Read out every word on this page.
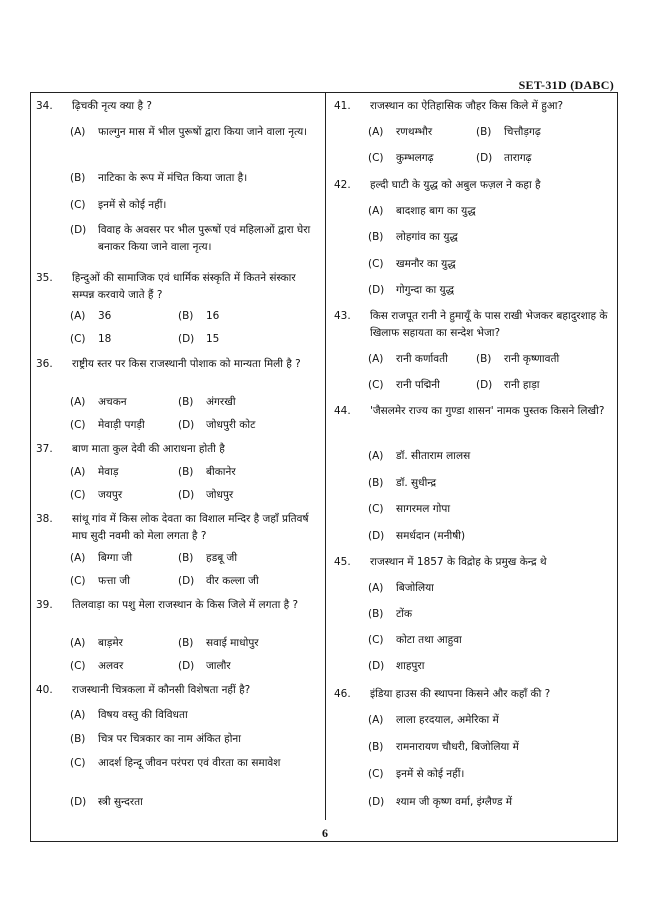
SET-31D (DABC)
34.	ढ़िचकी नृत्य क्या है ?
(A)	फाल्गुन मास में भील पुरूषों द्वारा किया जाने वाला नृत्य।
(B)	नाटिका के रूप में मंचित किया जाता है।
(C)	इनमें से कोई नहीं।
(D)	विवाह के अवसर पर भील पुरूषों एवं महिलाओं द्वारा घेरा बनाकर किया जाने वाला नृत्य।
35.	हिन्दुओं की सामाजिक एवं धार्मिक संस्कृति में कितने संस्कार सम्पन्न करवाये जाते हैं ?
(A)	36	(B)	16
(C)	18	(D)	15
36.	राष्ट्रीय स्तर पर किस राजस्थानी पोशाक को मान्यता मिली है ?
(A)	अचकन	(B)	अंगरखी
(C)	मेवाड़ी पगड़ी	(D)	जोधपुरी कोट
37.	बाण माता कुल देवी की आराधना होती है
(A)	मेवाड़	(B)	बीकानेर
(C)	जयपुर	(D)	जोधपुर
38.	सांथू गांव में किस लोक देवता का विशाल मन्दिर है जहाँ प्रतिवर्ष माघ सुदी नवमी को मेला लगता है ?
(A)	बिग्गा जी	(B)	हडबू जी
(C)	फत्ता जी	(D)	वीर कल्ला जी
39.	तिलवाड़ा का पशु मेला राजस्थान के किस जिले में लगता है ?
(A)	बाड़मेर	(B)	सवाई माधोपुर
(C)	अलवर	(D)	जालौर
40.	राजस्थानी चित्रकला में कौनसी विशेषता नहीं है?
(A)	विषय वस्तु की विविधता
(B)	चित्र पर चित्रकार का नाम अंकित होना
(C)	आदर्श हिन्दू जीवन परंपरा एवं वीरता का समावेश
(D)	स्त्री सुन्दरता
41.	राजस्थान का ऐतिहासिक जौहर किस किले में हुआ?
(A)	रणथम्भौर	(B)	चित्तौड़गढ़
(C)	कुम्भलगढ़	(D)	तारागढ़
42.	हल्दी घाटी के युद्ध को अबुल फज़ल ने कहा है
(A)	बादशाह बाग का युद्ध
(B)	लोहगांव का युद्ध
(C)	खमनौर का युद्ध
(D)	गोगुन्दा का युद्ध
43.	किस राजपूत रानी ने हुमायूँ के पास राखी भेजकर बहादुरशाह के खिलाफ सहायता का सन्देश भेजा?
(A)	रानी कर्णावती	(B)	रानी कृष्णावती
(C)	रानी पद्मिनी	(D)	रानी हाड़ा
44.	'जैसलमेर राज्य का गुण्डा शासन' नामक पुस्तक किसने लिखी?
(A)	डॉ. सीताराम लालस
(B)	डॉ. सुधीन्द्र
(C)	सागरमल गोपा
(D)	समर्धदान (मनीषी)
45.	राजस्थान में 1857 के विद्रोह के प्रमुख केन्द्र थे
(A)	बिजोलिया
(B)	टोंक
(C)	कोटा तथा आहुवा
(D)	शाहपुरा
46.	इंडिया हाउस की स्थापना किसने और कहाँ की ?
(A)	लाला हरदयाल, अमेरिका में
(B)	रामनारायण चौधरी, बिजोलिया में
(C)	इनमें से कोई नहीं।
(D)	श्याम जी कृष्ण वर्मा, इंग्लैण्ड में
6
